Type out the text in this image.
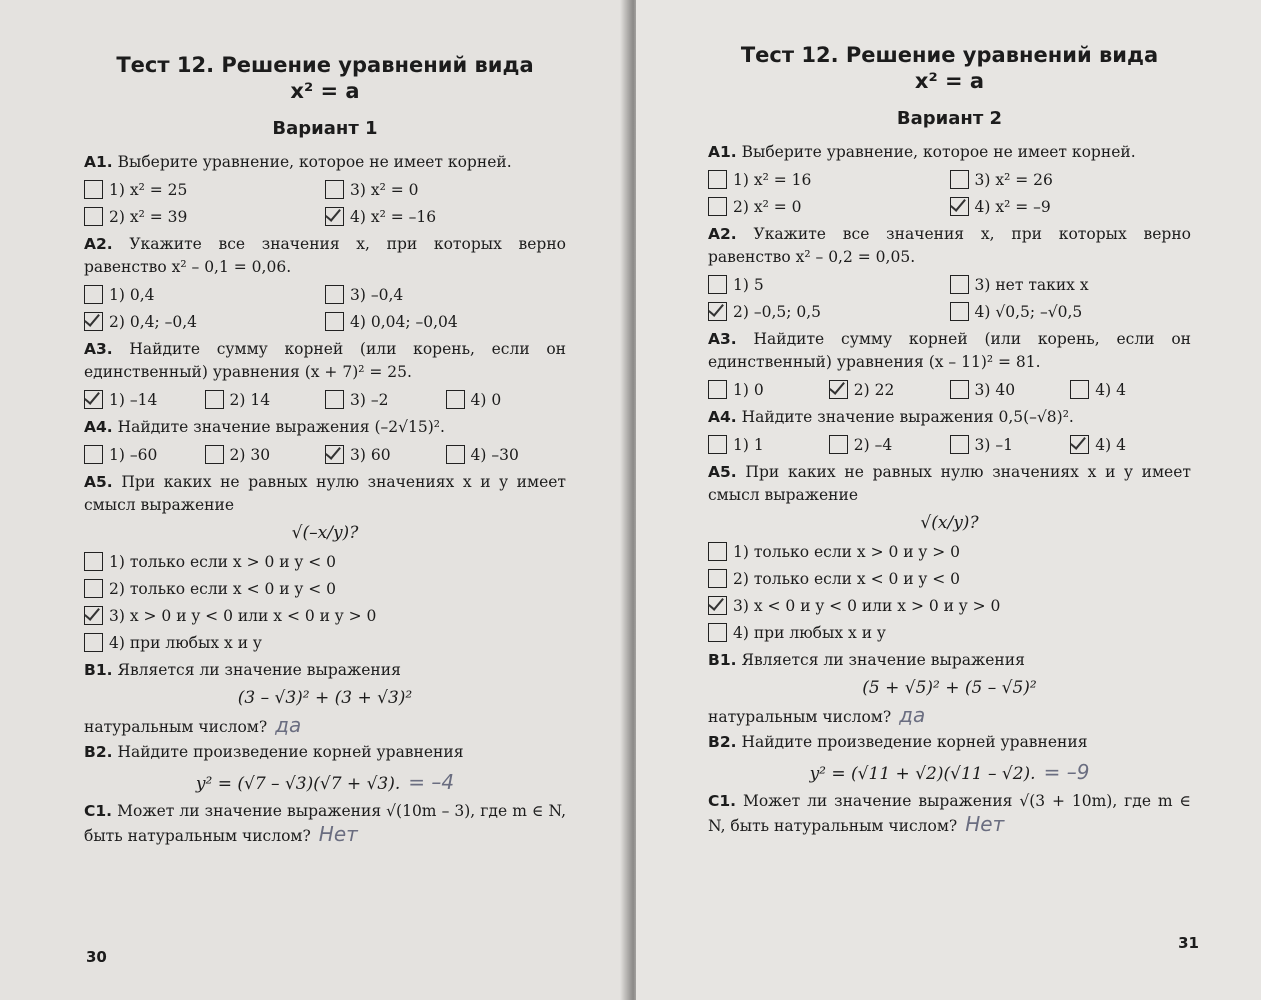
Тест 12. Решение уравнений вида
x² = a
Вариант 1
А1. Выберите уравнение, которое не имеет корней.
1) x² = 25	3) x² = 0
2) x² = 39	4) x² = –16
А2. Укажите все значения x, при которых верно равенство x² – 0,1 = 0,06.
1) 0,4	3) –0,4
2) 0,4; –0,4	4) 0,04; –0,04
А3. Найдите сумму корней (или корень, если он единственный) уравнения (x + 7)² = 25.
1) –14	2) 14	3) –2	4) 0
А4. Найдите значение выражения (–2√15)².
1) –60	2) 30	3) 60	4) –30
А5. При каких не равных нулю значениях x и y имеет смысл выражение
√(–x/y)?
1) только если x > 0 и y < 0
2) только если x < 0 и y < 0
3) x > 0 и y < 0 или x < 0 и y > 0
4) при любых x и y
В1. Является ли значение выражения
(3 – √3)² + (3 + √3)²
натуральным числом? да
В2. Найдите произведение корней уравнения
y² = (√7 – √3)(√7 + √3). = –4
С1. Может ли значение выражения √(10m – 3), где m ∈ N, быть натуральным числом? Нет
30
Тест 12. Решение уравнений вида
x² = a
Вариант 2
А1. Выберите уравнение, которое не имеет корней.
1) x² = 16	3) x² = 26
2) x² = 0	4) x² = –9
А2. Укажите все значения x, при которых верно равенство x² – 0,2 = 0,05.
1) 5	3) нет таких x
2) –0,5; 0,5	4) √0,5; –√0,5
А3. Найдите сумму корней (или корень, если он единственный) уравнения (x – 11)² = 81.
1) 0	2) 22	3) 40	4) 4
А4. Найдите значение выражения 0,5(–√8)².
1) 1	2) –4	3) –1	4) 4
А5. При каких не равных нулю значениях x и y имеет смысл выражение
√(x/y)?
1) только если x > 0 и y > 0
2) только если x < 0 и y < 0
3) x < 0 и y < 0 или x > 0 и y > 0
4) при любых x и y
В1. Является ли значение выражения
(5 + √5)² + (5 – √5)²
натуральным числом? да
В2. Найдите произведение корней уравнения
y² = (√11 + √2)(√11 – √2). = –9
С1. Может ли значение выражения √(3 + 10m), где m ∈ N, быть натуральным числом? Нет
31
